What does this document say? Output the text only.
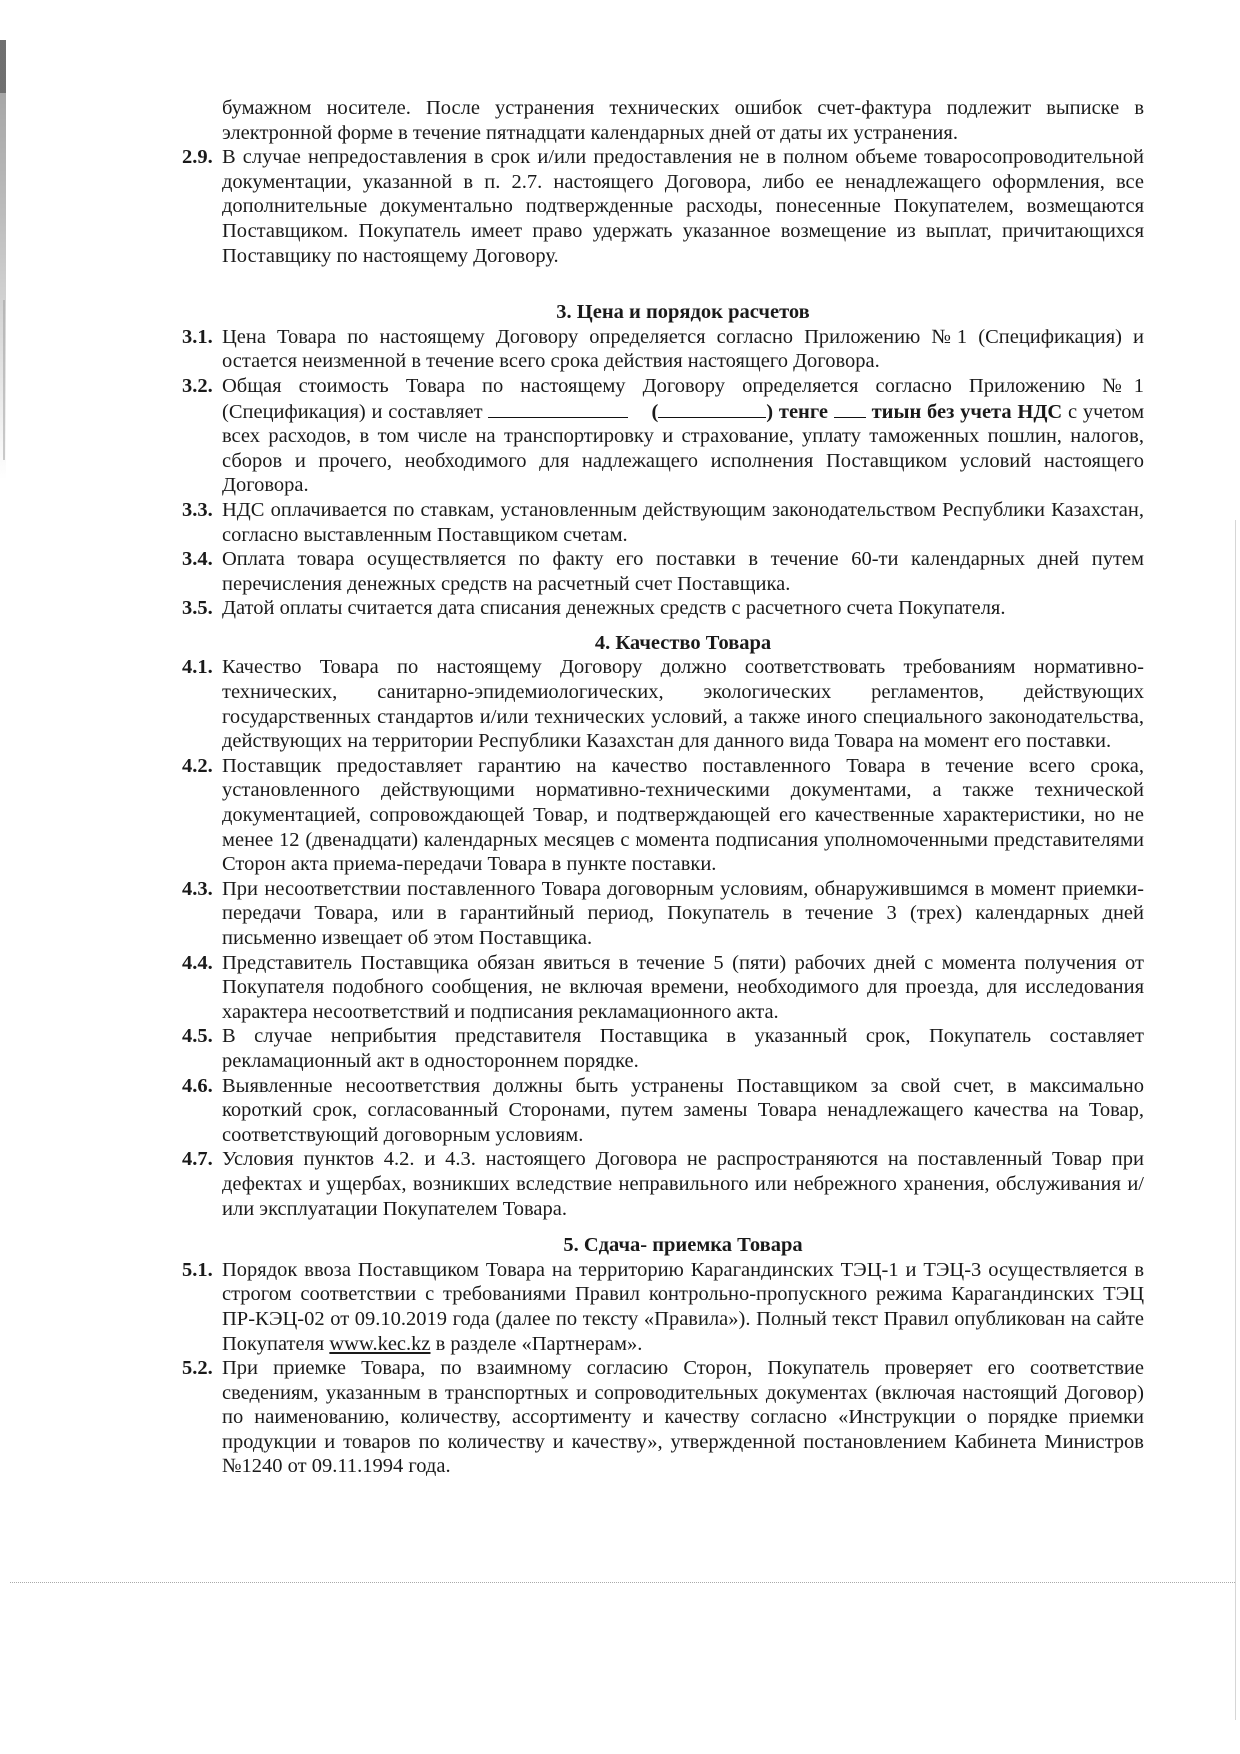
бумажном носителе. После устранения технических ошибок счет-фактура подлежит выписке в электронной форме в течение пятнадцати календарных дней от даты их устранения.

2.9. В случае непредоставления в срок и/или предоставления не в полном объеме товаросопроводительной документации, указанной в п. 2.7. настоящего Договора, либо ее ненадлежащего оформления, все дополнительные документально подтвержденные расходы, понесенные Покупателем, возмещаются Поставщиком. Покупатель имеет право удержать указанное возмещение из выплат, причитающихся Поставщику по настоящему Договору.

3. Цена и порядок расчетов

3.1. Цена Товара по настоящему Договору определяется согласно Приложению №1 (Спецификация) и остается неизменной в течение всего срока действия настоящего Договора.
3.2. Общая стоимость Товара по настоящему Договору определяется согласно Приложению №1 (Спецификация) и составляет	(	) тенге тиын без учета НДС с учетом всех расходов, в том числе на транспортировку и страхование, уплату таможенных пошлин, налогов, сборов и прочего, необходимого для надлежащего исполнения Поставщиком условий настоящего Договора.
3.3. НДС оплачивается по ставкам, установленным действующим законодательством Республики Казахстан, согласно выставленным Поставщиком счетам.
3.4. Оплата товара осуществляется по факту его поставки в течение 60-ти календарных дней путем перечисления денежных средств на расчетный счет Поставщика.
3.5. Датой оплаты считается дата списания денежных средств с расчетного счета Покупателя.

4. Качество Товара

4.1. Качество Товара по настоящему Договору должно соответствовать требованиям нормативно-технических, санитарно-эпидемиологических, экологических регламентов, действующих государственных стандартов и/или технических условий, а также иного специального законодательства, действующих на территории Республики Казахстан для данного вида Товара на момент его поставки.
4.2. Поставщик предоставляет гарантию на качество поставленного Товара в течение всего срока, установленного действующими нормативно-техническими документами, а также технической документацией, сопровождающей Товар, и подтверждающей его качественные характеристики, но не менее 12 (двенадцати) календарных месяцев с момента подписания уполномоченными представителями Сторон акта приема-передачи Товара в пункте поставки.
4.3. При несоответствии поставленного Товара договорным условиям, обнаружившимся в момент приемки-передачи Товара, или в гарантийный период, Покупатель в течение 3 (трех) календарных дней письменно извещает об этом Поставщика.
4.4. Представитель Поставщика обязан явиться в течение 5 (пяти) рабочих дней с момента получения от Покупателя подобного сообщения, не включая времени, необходимого для проезда, для исследования характера несоответствий и подписания рекламационного акта.
4.5. В случае неприбытия представителя Поставщика в указанный срок, Покупатель составляет рекламационный акт в одностороннем порядке.
4.6. Выявленные несоответствия должны быть устранены Поставщиком за свой счет, в максимально короткий срок, согласованный Сторонами, путем замены Товара ненадлежащего качества на Товар, соответствующий договорным условиям.
4.7. Условия пунктов 4.2. и 4.3. настоящего Договора не распространяются на поставленный Товар при дефектах и ущербах, возникших вследствие неправильного или небрежного хранения, обслуживания и/или эксплуатации Покупателем Товара.

5. Сдача- приемка Товара

5.1. Порядок ввоза Поставщиком Товара на территорию Карагандинских ТЭЦ-1 и ТЭЦ-3 осуществляется в строгом соответствии с требованиями Правил контрольно-пропускного режима Карагандинских ТЭЦ ПР-КЭЦ-02 от 09.10.2019 года (далее по тексту «Правила»). Полный текст Правил опубликован на сайте Покупателя www.kec.kz в разделе «Партнерам».
5.2. При приемке Товара, по взаимному согласию Сторон, Покупатель проверяет его соответствие сведениям, указанным в транспортных и сопроводительных документах (включая настоящий Договор) по наименованию, количеству, ассортименту и качеству согласно «Инструкции о порядке приемки продукции и товаров по количеству и качеству», утвержденной постановлением Кабинета Министров №1240 от 09.11.1994 года.
